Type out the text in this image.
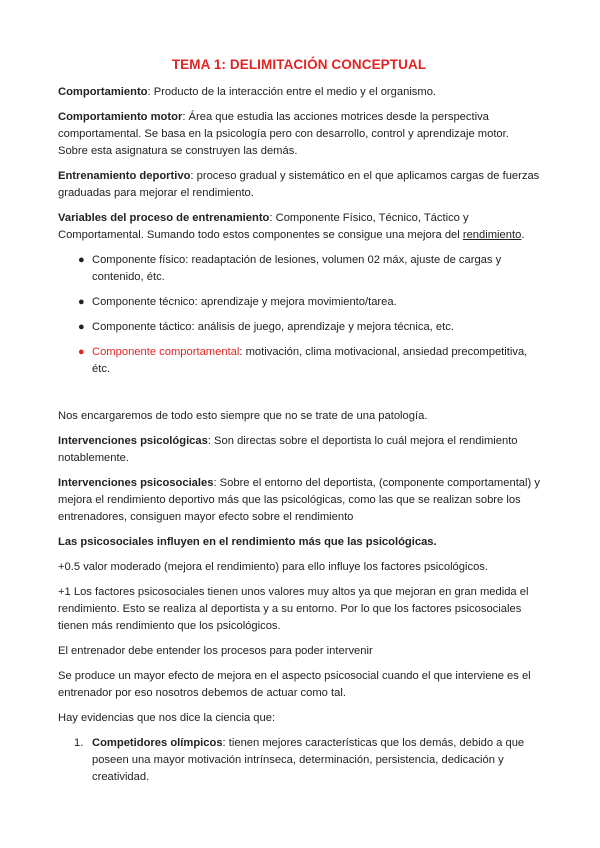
TEMA 1: DELIMITACIÓN CONCEPTUAL

Comportamiento: Producto de la interacción entre el medio y el organismo.

Comportamiento motor: Área que estudia las acciones motrices desde la perspectiva comportamental. Se basa en la psicología pero con desarrollo, control y aprendizaje motor. Sobre esta asignatura se construyen las demás.

Entrenamiento deportivo: proceso gradual y sistemático en el que aplicamos cargas de fuerzas graduadas para mejorar el rendimiento.

Variables del proceso de entrenamiento: Componente Físico, Técnico, Táctico y Comportamental. Sumando todo estos componentes se consigue una mejora del rendimiento.

● Componente físico: readaptación de lesiones, volumen 02 máx, ajuste de cargas y contenido, étc.
● Componente técnico: aprendizaje y mejora movimiento/tarea.
● Componente táctico: análisis de juego, aprendizaje y mejora técnica, etc.
● Componente comportamental: motivación, clima motivacional, ansiedad precompetitiva, étc.

Nos encargaremos de todo esto siempre que no se trate de una patología.

Intervenciones psicológicas: Son directas sobre el deportista lo cuál mejora el rendimiento notablemente.

Intervenciones psicosociales: Sobre el entorno del deportista, (componente comportamental) y mejora el rendimiento deportivo más que las psicológicas, como las que se realizan sobre los entrenadores, consiguen mayor efecto sobre el rendimiento

Las psicosociales influyen en el rendimiento más que las psicológicas.

+0.5 valor moderado (mejora el rendimiento) para ello influye los factores psicológicos.

+1 Los factores psicosociales tienen unos valores muy altos ya que mejoran en gran medida el rendimiento. Esto se realiza al deportista y a su entorno. Por lo que los factores psicosociales tienen más rendimiento que los psicológicos.

El entrenador debe entender los procesos para poder intervenir

Se produce un mayor efecto de mejora en el aspecto psicosocial cuando el que interviene es el entrenador por eso nosotros debemos de actuar como tal.

Hay evidencias que nos dice la ciencia que:

1. Competidores olímpicos: tienen mejores características que los demás, debido a que poseen una mayor motivación intrínseca, determinación, persistencia, dedicación y creatividad.
